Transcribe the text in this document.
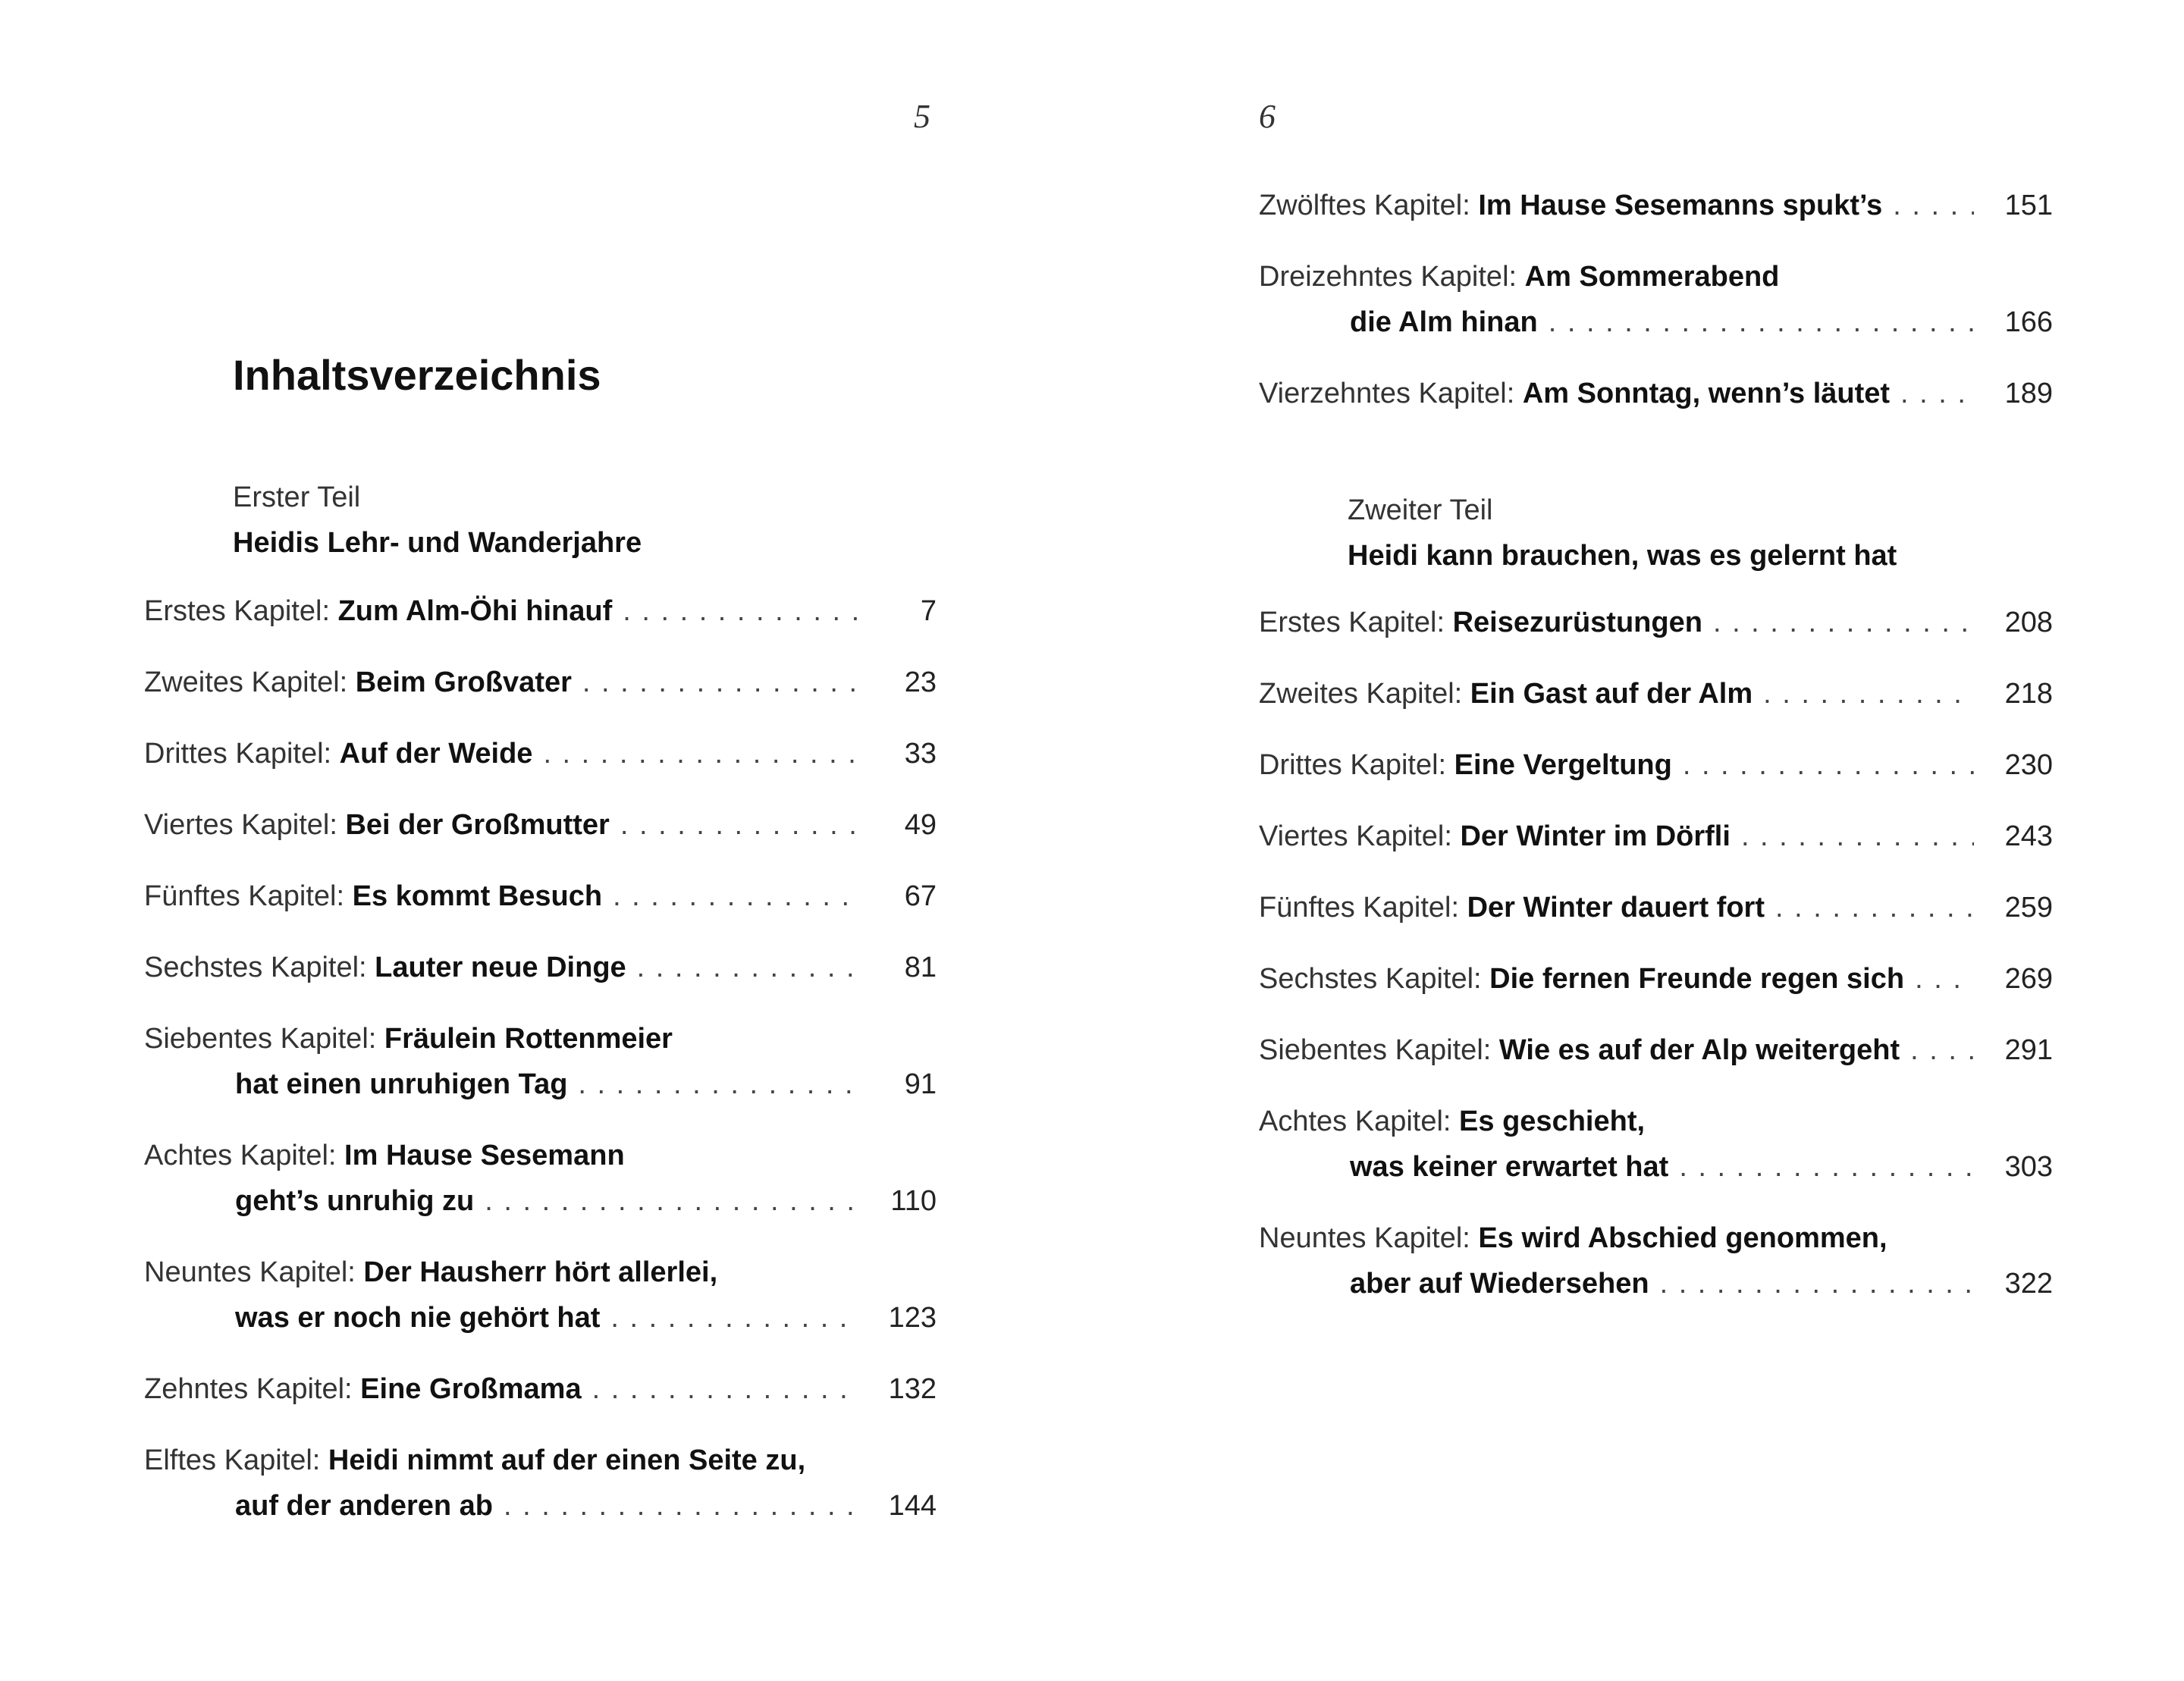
5	6
Inhaltsverzeichnis
Erster Teil
Heidis Lehr- und Wanderjahre
Zweiter Teil
Heidi kann brauchen, was es gelernt hat
Erstes Kapitel:
Zum Alm-Öhi hinauf . . .	7
Zweites Kapitel:
Beim Großvater . . .	23
Drittes Kapitel:
Auf der Weide . . .	33
Viertes Kapitel:
Bei der Großmutter . . .	49
Fünftes Kapitel:
Es kommt Besuch . . .	67
Sechstes Kapitel:
Lauter neue Dinge . . .	81
Siebentes Kapitel:
Fräulein Rottenmeier
hat einen unruhigen Tag . . .	91
Achtes Kapitel:
Im Hause Sesemann
geht’s unruhig zu . . .	110
Neuntes Kapitel:
Der Hausherr hört allerlei,
was er noch nie gehört hat . . .	123
Zehntes Kapitel:
Eine Großmama . . .	132
Elftes Kapitel:
Heidi nimmt auf der einen Seite zu,
auf der anderen ab . . .	144
Zwölftes Kapitel:
Im Hause Sesemanns spukt’s . . .	151
Dreizehntes Kapitel:
Am Sommerabend
die Alm hinan . . .	166
Vierzehntes Kapitel:
Am Sonntag, wenn’s läutet . . .	189
Erstes Kapitel:
Reisezurüstungen . . .	208
Zweites Kapitel:
Ein Gast auf der Alm . . .	218
Drittes Kapitel:
Eine Vergeltung . . .	230
Viertes Kapitel:
Der Winter im Dörfli . . .	243
Fünftes Kapitel:
Der Winter dauert fort . . .	259
Sechstes Kapitel:
Die fernen Freunde regen sich . . .	269
Siebentes Kapitel:
Wie es auf der Alp weitergeht . . .	291
Achtes Kapitel:
Es geschieht,
was keiner erwartet hat . . .	303
Neuntes Kapitel:
Es wird Abschied genommen,
aber auf Wiedersehen . . .	322
